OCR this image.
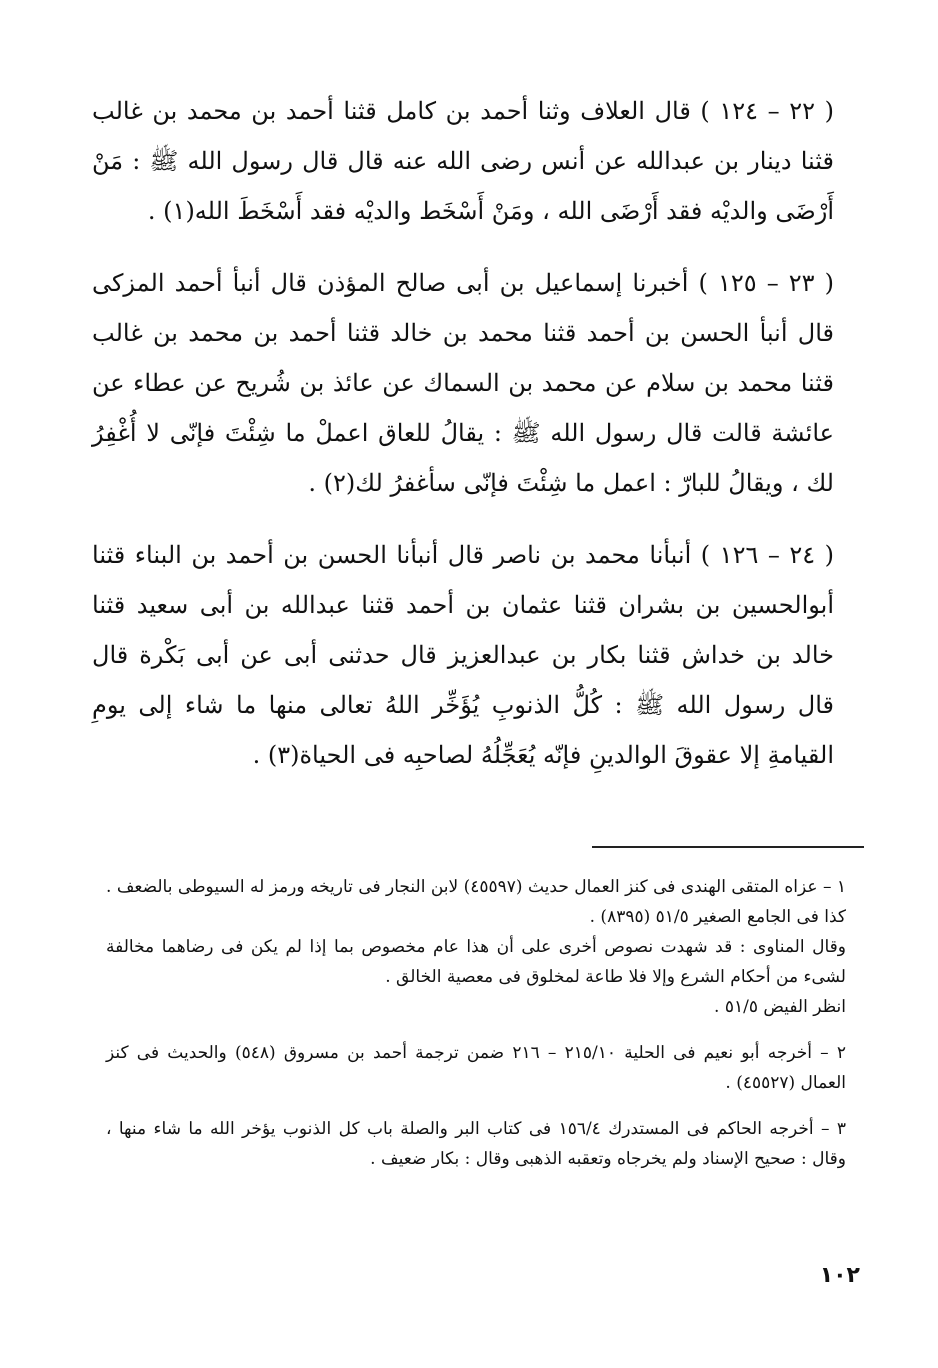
( ٢٢ – ١٢٤ ) قال العلاف وثنا أحمد بن كامل قثنا أحمد بن محمد بن غالب قثنا دينار بن عبدالله عن أنس رضى الله عنه قال قال رسول الله ﷺ : مَنْ أَرْضَى والديْه فقد أَرْضَى الله ، ومَنْ أَسْخَط والديْه فقد أَسْخَطَ الله(١) .

( ٢٣ – ١٢٥ ) أخبرنا إسماعيل بن أبى صالح المؤذن قال أنبأ أحمد المزكى قال أنبأ الحسن بن أحمد قثنا محمد بن خالد قثنا أحمد بن محمد بن غالب قثنا محمد بن سلام عن محمد بن السماك عن عائذ بن شُريح عن عطاء عن عائشة قالت قال رسول الله ﷺ : يقالُ للعاق اعملْ ما شِئْتَ فإنّى لا أُغْفِرُ لك ، ويقالُ للبارّ : اعمل ما شِئْتَ فإنّى سأغفرُ لك(٢) .

( ٢٤ – ١٢٦ ) أنبأنا محمد بن ناصر قال أنبأنا الحسن بن أحمد بن البناء قثنا أبوالحسين بن بشران قثنا عثمان بن أحمد قثنا عبدالله بن أبى سعيد قثنا خالد بن خداش قثنا بكار بن عبدالعزيز قال حدثنى أبى عن أبى بَكْرة قال قال رسول الله ﷺ : كُلُّ الذنوبِ يُؤَخِّر اللهُ تعالى منها ما شاء إلى يومِ القيامةِ إلا عقوقَ الوالدينِ فإنّه يُعَجِّلُهُ لصاحبِه فى الحياة(٣) .

١ – عزاه المتقى الهندى فى كنز العمال حديث (٤٥٥٩٧) لابن النجار فى تاريخه ورمز له السيوطى بالضعف . كذا فى الجامع الصغير ٥١/٥ (٨٣٩٥) .

وقال المناوى : قد شهدت نصوص أخرى على أن هذا عام مخصوص بما إذا لم يكن فى رضاهما مخالفة لشىء من أحكام الشرع وإلا فلا طاعة لمخلوق فى معصية الخالق .

انظر الفيض ٥١/٥ .

٢ – أخرجه أبو نعيم فى الحلية ٢١٥/١٠ – ٢١٦ ضمن ترجمة أحمد بن مسروق (٥٤٨) والحديث فى كنز العمال (٤٥٥٢٧) .

٣ – أخرجه الحاكم فى المستدرك ١٥٦/٤ فى كتاب البر والصلة باب كل الذنوب يؤخر الله ما شاء منها ، وقال : صحيح الإسناد ولم يخرجاه وتعقبه الذهبى وقال : بكار ضعيف .

١٠٢
